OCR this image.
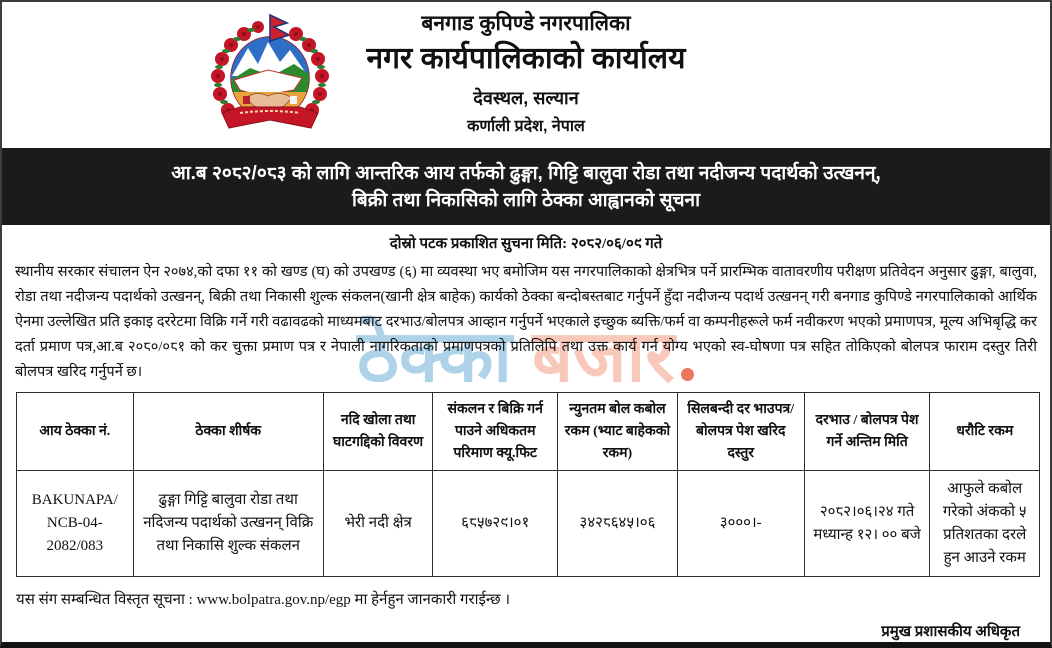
बनगाड कुपिण्डे नगरपालिका
नगर कार्यपालिकाको कार्यालय
देवस्थल, सल्यान
कर्णाली प्रदेश, नेपाल
आ.ब २०८२/०८३ को लागि आन्तरिक आय तर्फको ढुङ्गा, गिट्टि बालुवा रोडा तथा नदीजन्य पदार्थको उत्खनन्,
बिक्री तथा निकासिको लागि ठेक्का आह्वानको सूचना
दोस्रो पटक प्रकाशित सुचना मिति: २०८२/०६/०९ गते
ठेक्का बजार

स्थानीय सरकार संचालन ऐन २०७४,को दफा ११ को खण्ड (घ) को उपखण्ड (६) मा व्यवस्था भए बमोजिम यस नगरपालिकाको क्षेत्रभित्र पर्ने प्रारम्भिक वातावरणीय परीक्षण प्रतिवेदन अनुसार ढुङ्गा, बालुवा, रोडा तथा नदीजन्य पदार्थको उत्खनन्, बिक्री तथा निकासी शुल्क संकलन(खानी क्षेत्र बाहेक) कार्यको ठेक्का बन्दोबस्तबाट गर्नुपर्ने हुँदा नदीजन्य पदार्थ उत्खनन् गरी बनगाड कुपिण्डे नगरपालिकाको आर्थिक ऐनमा उल्लेखित प्रति इकाइ दररेटमा विक्रि गर्ने गरी वढावढको माध्यमबाट दरभाउ/बोलपत्र आव्हान गर्नुपर्ने भएकाले इच्छुक ब्यक्ति/फर्म वा कम्पनीहरूले फर्म नवीकरण भएको प्रमाणपत्र, मूल्य अभिबृद्धि कर दर्ता प्रमाण पत्र,आ.ब २०८०/०८१ को कर चुक्ता प्रमाण पत्र र नेपाली नागरिकताको प्रमाणपत्रको प्रतिलिपि तथा उक्त कार्य गर्न योग्य भएको स्व-घोषणा पत्र सहित तोकिएको बोलपत्र फाराम दस्तुर तिरी बोलपत्र खरिद गर्नुपर्ने छ।

आय ठेक्का नं.	ठेक्का शीर्षक	नदि खोला तथा घाटगद्दिको विवरण	संकलन र बिक्रि गर्न पाउने अधिकतम परिमाण क्यू.फिट	न्युनतम बोल कबोल रकम (भ्याट बाहेकको रकम)	सिलबन्दी दर भाउपत्र/बोलपत्र पेश खरिद दस्तुर	दरभाउ / बोलपत्र पेश गर्ने अन्तिम मिति	धरौटि रकम
BAKUNAPA/ NCB-04- 2082/083	ढुङ्गा गिट्टि बालुवा रोडा तथा नदिजन्य पदार्थको उत्खनन् विक्रि तथा निकासि शुल्क संकलन	भेरी नदी क्षेत्र	६८५७२९।०१	३४२८६४५।०६	३०००।-	२०८२।०६।२४ गते मध्यान्ह १२। ०० बजे	आफुले कबोल गरेको अंकको ५ प्रतिशतका दरले हुन आउने रकम
यस संग सम्बन्धित विस्तृत सूचना : www.bolpatra.gov.np/egp मा हेर्नहुन जानकारी गराईन्छ ।
प्रमुख प्रशासकीय अधिकृत
